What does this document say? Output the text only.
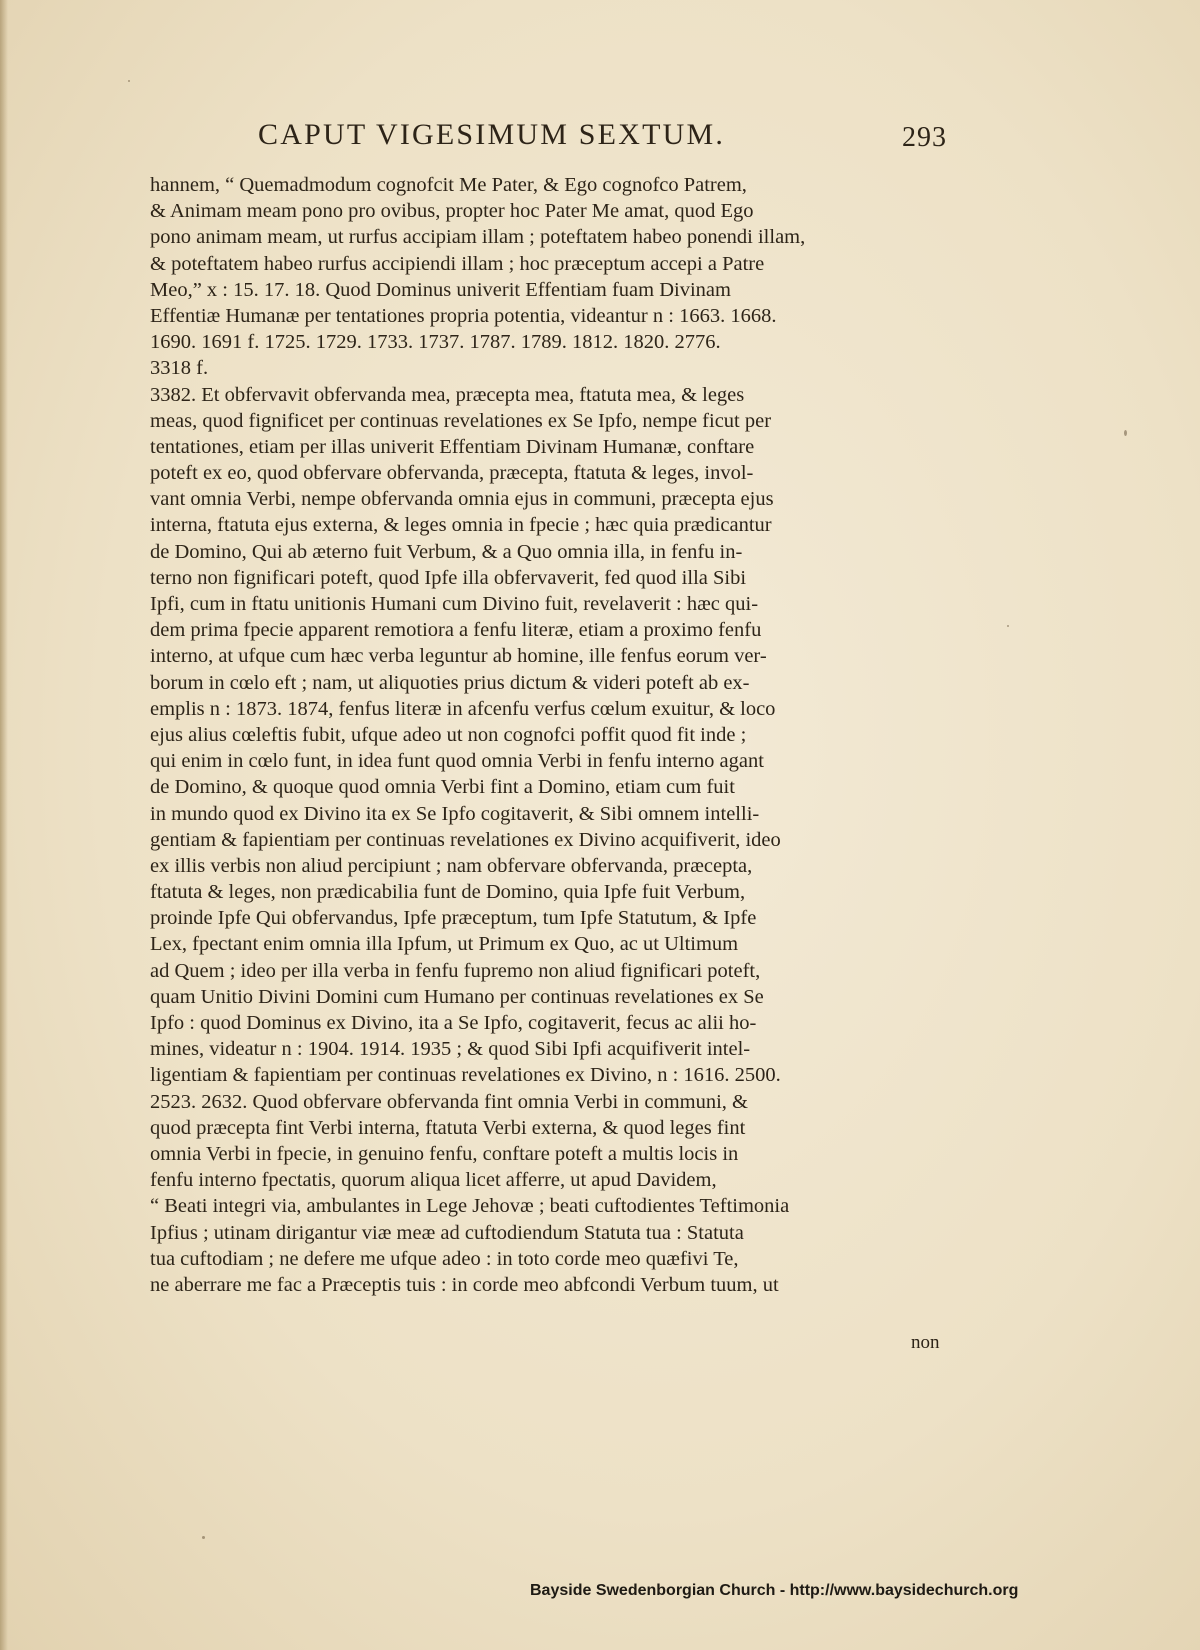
CAPUT VIGESIMUM SEXTUM.	293
hannem, “ Quemadmodum cognofcit Me Pater, & Ego cognofco Patrem,
& Animam meam pono pro ovibus, propter hoc Pater Me amat, quod Ego
pono animam meam, ut rurfus accipiam illam ; poteftatem habeo ponendi illam,
& poteftatem habeo rurfus accipiendi illam ; hoc præceptum accepi a Patre
Meo,” x : 15. 17. 18. Quod Dominus univerit Effentiam fuam Divinam
Effentiæ Humanæ per tentationes propria potentia, videantur n : 1663. 1668.
1690. 1691 f. 1725. 1729. 1733. 1737. 1787. 1789. 1812. 1820. 2776.
3318 f.
3382. Et obfervavit obfervanda mea, præcepta mea, ftatuta mea, & leges
meas, quod fignificet per continuas revelationes ex Se Ipfo, nempe ficut per
tentationes, etiam per illas univerit Effentiam Divinam Humanæ, conftare
poteft ex eo, quod obfervare obfervanda, præcepta, ftatuta & leges, invol-
vant omnia Verbi, nempe obfervanda omnia ejus in communi, præcepta ejus
interna, ftatuta ejus externa, & leges omnia in fpecie ; hæc quia prædicantur
de Domino, Qui ab æterno fuit Verbum, & a Quo omnia illa, in fenfu in-
terno non fignificari poteft, quod Ipfe illa obfervaverit, fed quod illa Sibi
Ipfi, cum in ftatu unitionis Humani cum Divino fuit, revelaverit : hæc qui-
dem prima fpecie apparent remotiora a fenfu literæ, etiam a proximo fenfu
interno, at ufque cum hæc verba leguntur ab homine, ille fenfus eorum ver-
borum in cœlo eft ; nam, ut aliquoties prius dictum & videri poteft ab ex-
emplis n : 1873. 1874, fenfus literæ in afcenfu verfus cœlum exuitur, & loco
ejus alius cœleftis fubit, ufque adeo ut non cognofci poffit quod fit inde ;
qui enim in cœlo funt, in idea funt quod omnia Verbi in fenfu interno agant
de Domino, & quoque quod omnia Verbi fint a Domino, etiam cum fuit
in mundo quod ex Divino ita ex Se Ipfo cogitaverit, & Sibi omnem intelli-
gentiam & fapientiam per continuas revelationes ex Divino acquifiverit, ideo
ex illis verbis non aliud percipiunt ; nam obfervare obfervanda, præcepta,
ftatuta & leges, non prædicabilia funt de Domino, quia Ipfe fuit Verbum,
proinde Ipfe Qui obfervandus, Ipfe præceptum, tum Ipfe Statutum, & Ipfe
Lex, fpectant enim omnia illa Ipfum, ut Primum ex Quo, ac ut Ultimum
ad Quem ; ideo per illa verba in fenfu fupremo non aliud fignificari poteft,
quam Unitio Divini Domini cum Humano per continuas revelationes ex Se
Ipfo : quod Dominus ex Divino, ita a Se Ipfo, cogitaverit, fecus ac alii ho-
mines, videatur n : 1904. 1914. 1935 ; & quod Sibi Ipfi acquifiverit intel-
ligentiam & fapientiam per continuas revelationes ex Divino, n : 1616. 2500.
2523. 2632. Quod obfervare obfervanda fint omnia Verbi in communi, &
quod præcepta fint Verbi interna, ftatuta Verbi externa, & quod leges fint
omnia Verbi in fpecie, in genuino fenfu, conftare poteft a multis locis in
fenfu interno fpectatis, quorum aliqua licet afferre, ut apud Davidem,
“ Beati integri via, ambulantes in Lege Jehovæ ; beati cuftodientes Teftimonia
Ipfius ; utinam dirigantur viæ meæ ad cuftodiendum Statuta tua : Statuta
tua cuftodiam ; ne defere me ufque adeo : in toto corde meo quæfivi Te,
ne aberrare me fac a Præceptis tuis : in corde meo abfcondi Verbum tuum, ut
non
Bayside Swedenborgian Church - http://www.baysidechurch.org
